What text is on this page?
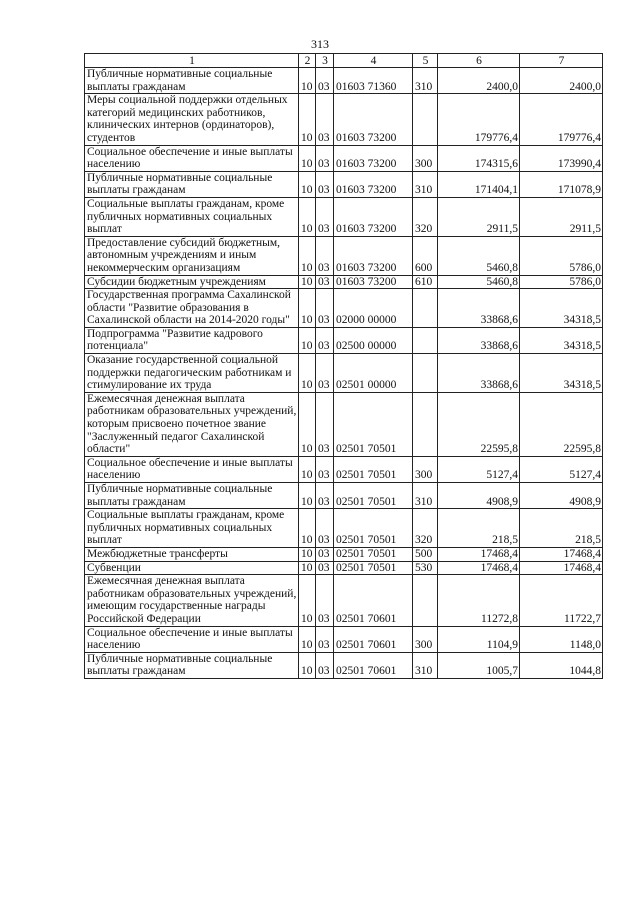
313
1	2	3	4	5	6	7
Публичные нормативные социальные выплаты гражданам	10	03	01603 71360	310	2400,0	2400,0
Меры социальной поддержки отдельных категорий медицинских работников, клинических интернов (ординаторов), студентов	10	03	01603 73200		179776,4	179776,4
Социальное обеспечение и иные выплаты населению	10	03	01603 73200	300	174315,6	173990,4
Публичные нормативные социальные выплаты гражданам	10	03	01603 73200	310	171404,1	171078,9
Социальные выплаты гражданам, кроме публичных нормативных социальных выплат	10	03	01603 73200	320	2911,5	2911,5
Предоставление субсидий бюджетным, автономным учреждениям и иным некоммерческим организациям	10	03	01603 73200	600	5460,8	5786,0
Субсидии бюджетным учреждениям	10	03	01603 73200	610	5460,8	5786,0
Государственная программа Сахалинской области "Развитие образования в Сахалинской области на 2014-2020 годы"	10	03	02000 00000		33868,6	34318,5
Подпрограмма "Развитие кадрового потенциала"	10	03	02500 00000		33868,6	34318,5
Оказание государственной социальной поддержки педагогическим работникам и стимулирование их труда	10	03	02501 00000		33868,6	34318,5
Ежемесячная денежная выплата работникам образовательных учреждений, которым присвоено почетное звание "Заслуженный педагог Сахалинской области"	10	03	02501 70501		22595,8	22595,8
Социальное обеспечение и иные выплаты населению	10	03	02501 70501	300	5127,4	5127,4
Публичные нормативные социальные выплаты гражданам	10	03	02501 70501	310	4908,9	4908,9
Социальные выплаты гражданам, кроме публичных нормативных социальных выплат	10	03	02501 70501	320	218,5	218,5
Межбюджетные трансферты	10	03	02501 70501	500	17468,4	17468,4
Субвенции	10	03	02501 70501	530	17468,4	17468,4
Ежемесячная денежная выплата работникам образовательных учреждений, имеющим государственные награды Российской Федерации	10	03	02501 70601		11272,8	11722,7
Социальное обеспечение и иные выплаты населению	10	03	02501 70601	300	1104,9	1148,0
Публичные нормативные социальные выплаты гражданам	10	03	02501 70601	310	1005,7	1044,8
